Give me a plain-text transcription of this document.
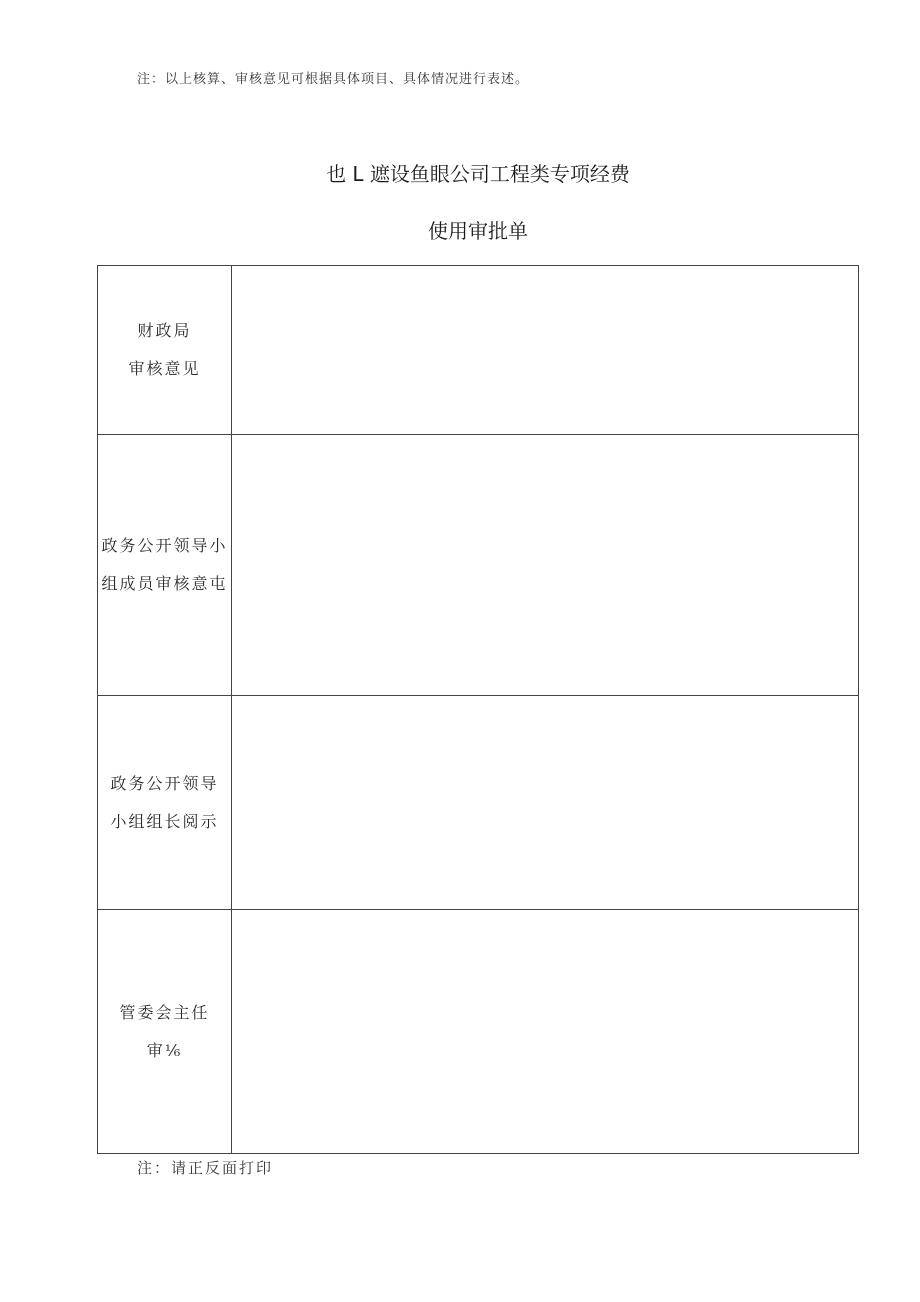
注：以上核算、审核意见可根据具体项目、具体情况进行表述。
也 L 遮设鱼眼公司工程类专项经费
使用审批单
财政局
审核意见	

政务公开领导小
组成员审核意屯	

政务公开领导
小组组长阅示	

管委会主任
审⅙	

注：请正反面打印
